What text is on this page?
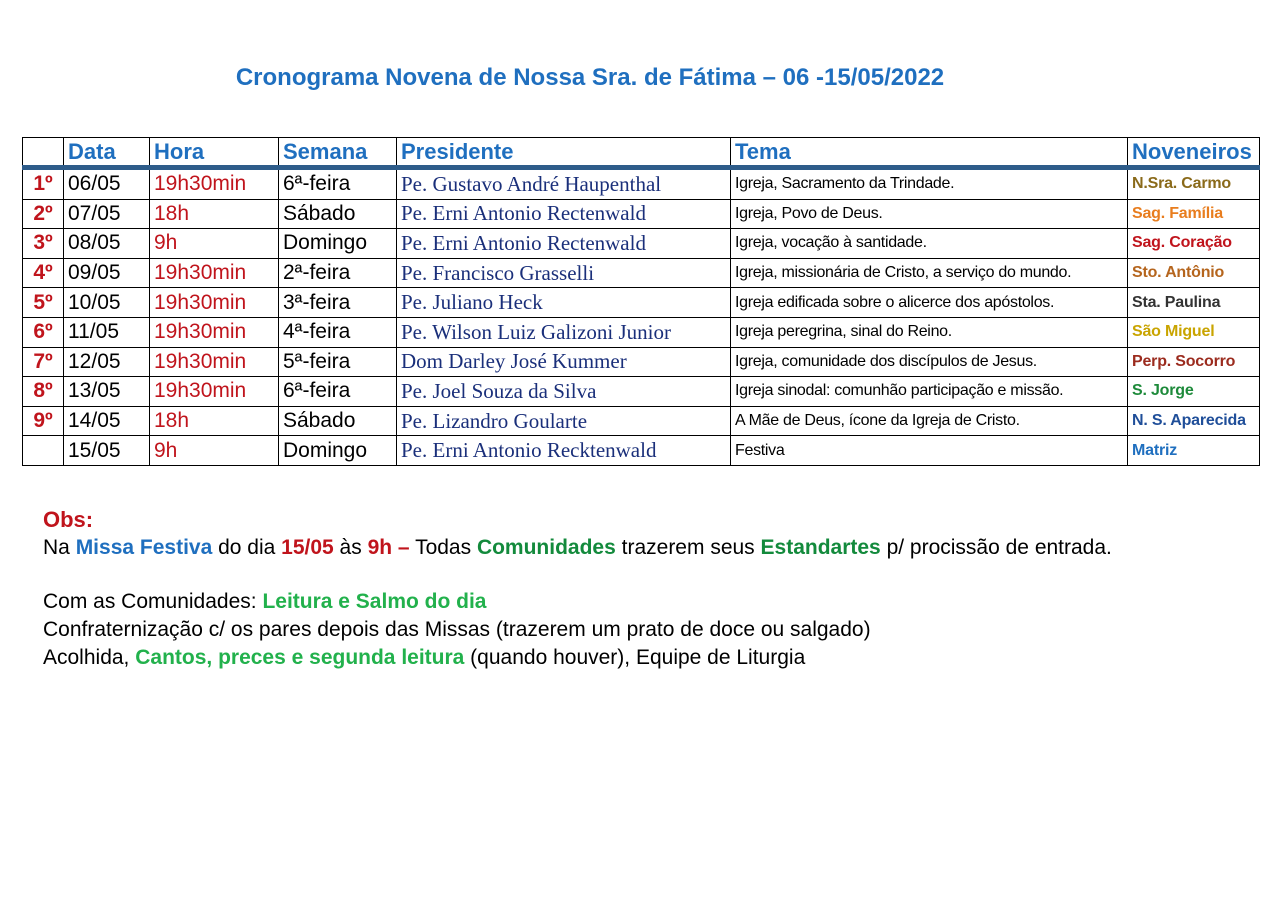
Cronograma Novena de Nossa Sra. de Fátima – 06 -15/05/2022
	Data	Hora	Semana	Presidente	Tema	Noveneiros
1º	06/05	19h30min	6ª-feira	Pe. Gustavo André Haupenthal	Igreja, Sacramento da Trindade.	N.Sra. Carmo
2º	07/05	18h	Sábado	Pe. Erni Antonio Rectenwald	Igreja, Povo de Deus.	Sag. Família
3º	08/05	9h	Domingo	Pe. Erni Antonio Rectenwald	Igreja, vocação à santidade.	Sag. Coração
4º	09/05	19h30min	2ª-feira	Pe. Francisco Grasselli	Igreja, missionária de Cristo, a serviço do mundo.	Sto. Antônio
5º	10/05	19h30min	3ª-feira	Pe. Juliano Heck	Igreja edificada sobre o alicerce dos apóstolos.	Sta. Paulina
6º	11/05	19h30min	4ª-feira	Pe. Wilson Luiz Galizoni Junior	Igreja peregrina, sinal do Reino.	São Miguel
7º	12/05	19h30min	5ª-feira	Dom Darley José Kummer	Igreja, comunidade dos discípulos de Jesus.	Perp. Socorro
8º	13/05	19h30min	6ª-feira	Pe. Joel Souza da Silva	Igreja sinodal: comunhão participação e missão.	S. Jorge
9º	14/05	18h	Sábado	Pe. Lizandro Goularte	A Mãe de Deus, ícone da Igreja de Cristo.	N. S. Aparecida
	15/05	9h	Domingo	Pe. Erni Antonio Recktenwald	Festiva	Matriz
Obs:
Na Missa Festiva do dia 15/05 às 9h – Todas Comunidades trazerem seus Estandartes p/ procissão de entrada.
Com as Comunidades: Leitura e Salmo do dia
Confraternização c/ os pares depois das Missas (trazerem um prato de doce ou salgado)
Acolhida, Cantos, preces e segunda leitura (quando houver), Equipe de Liturgia
